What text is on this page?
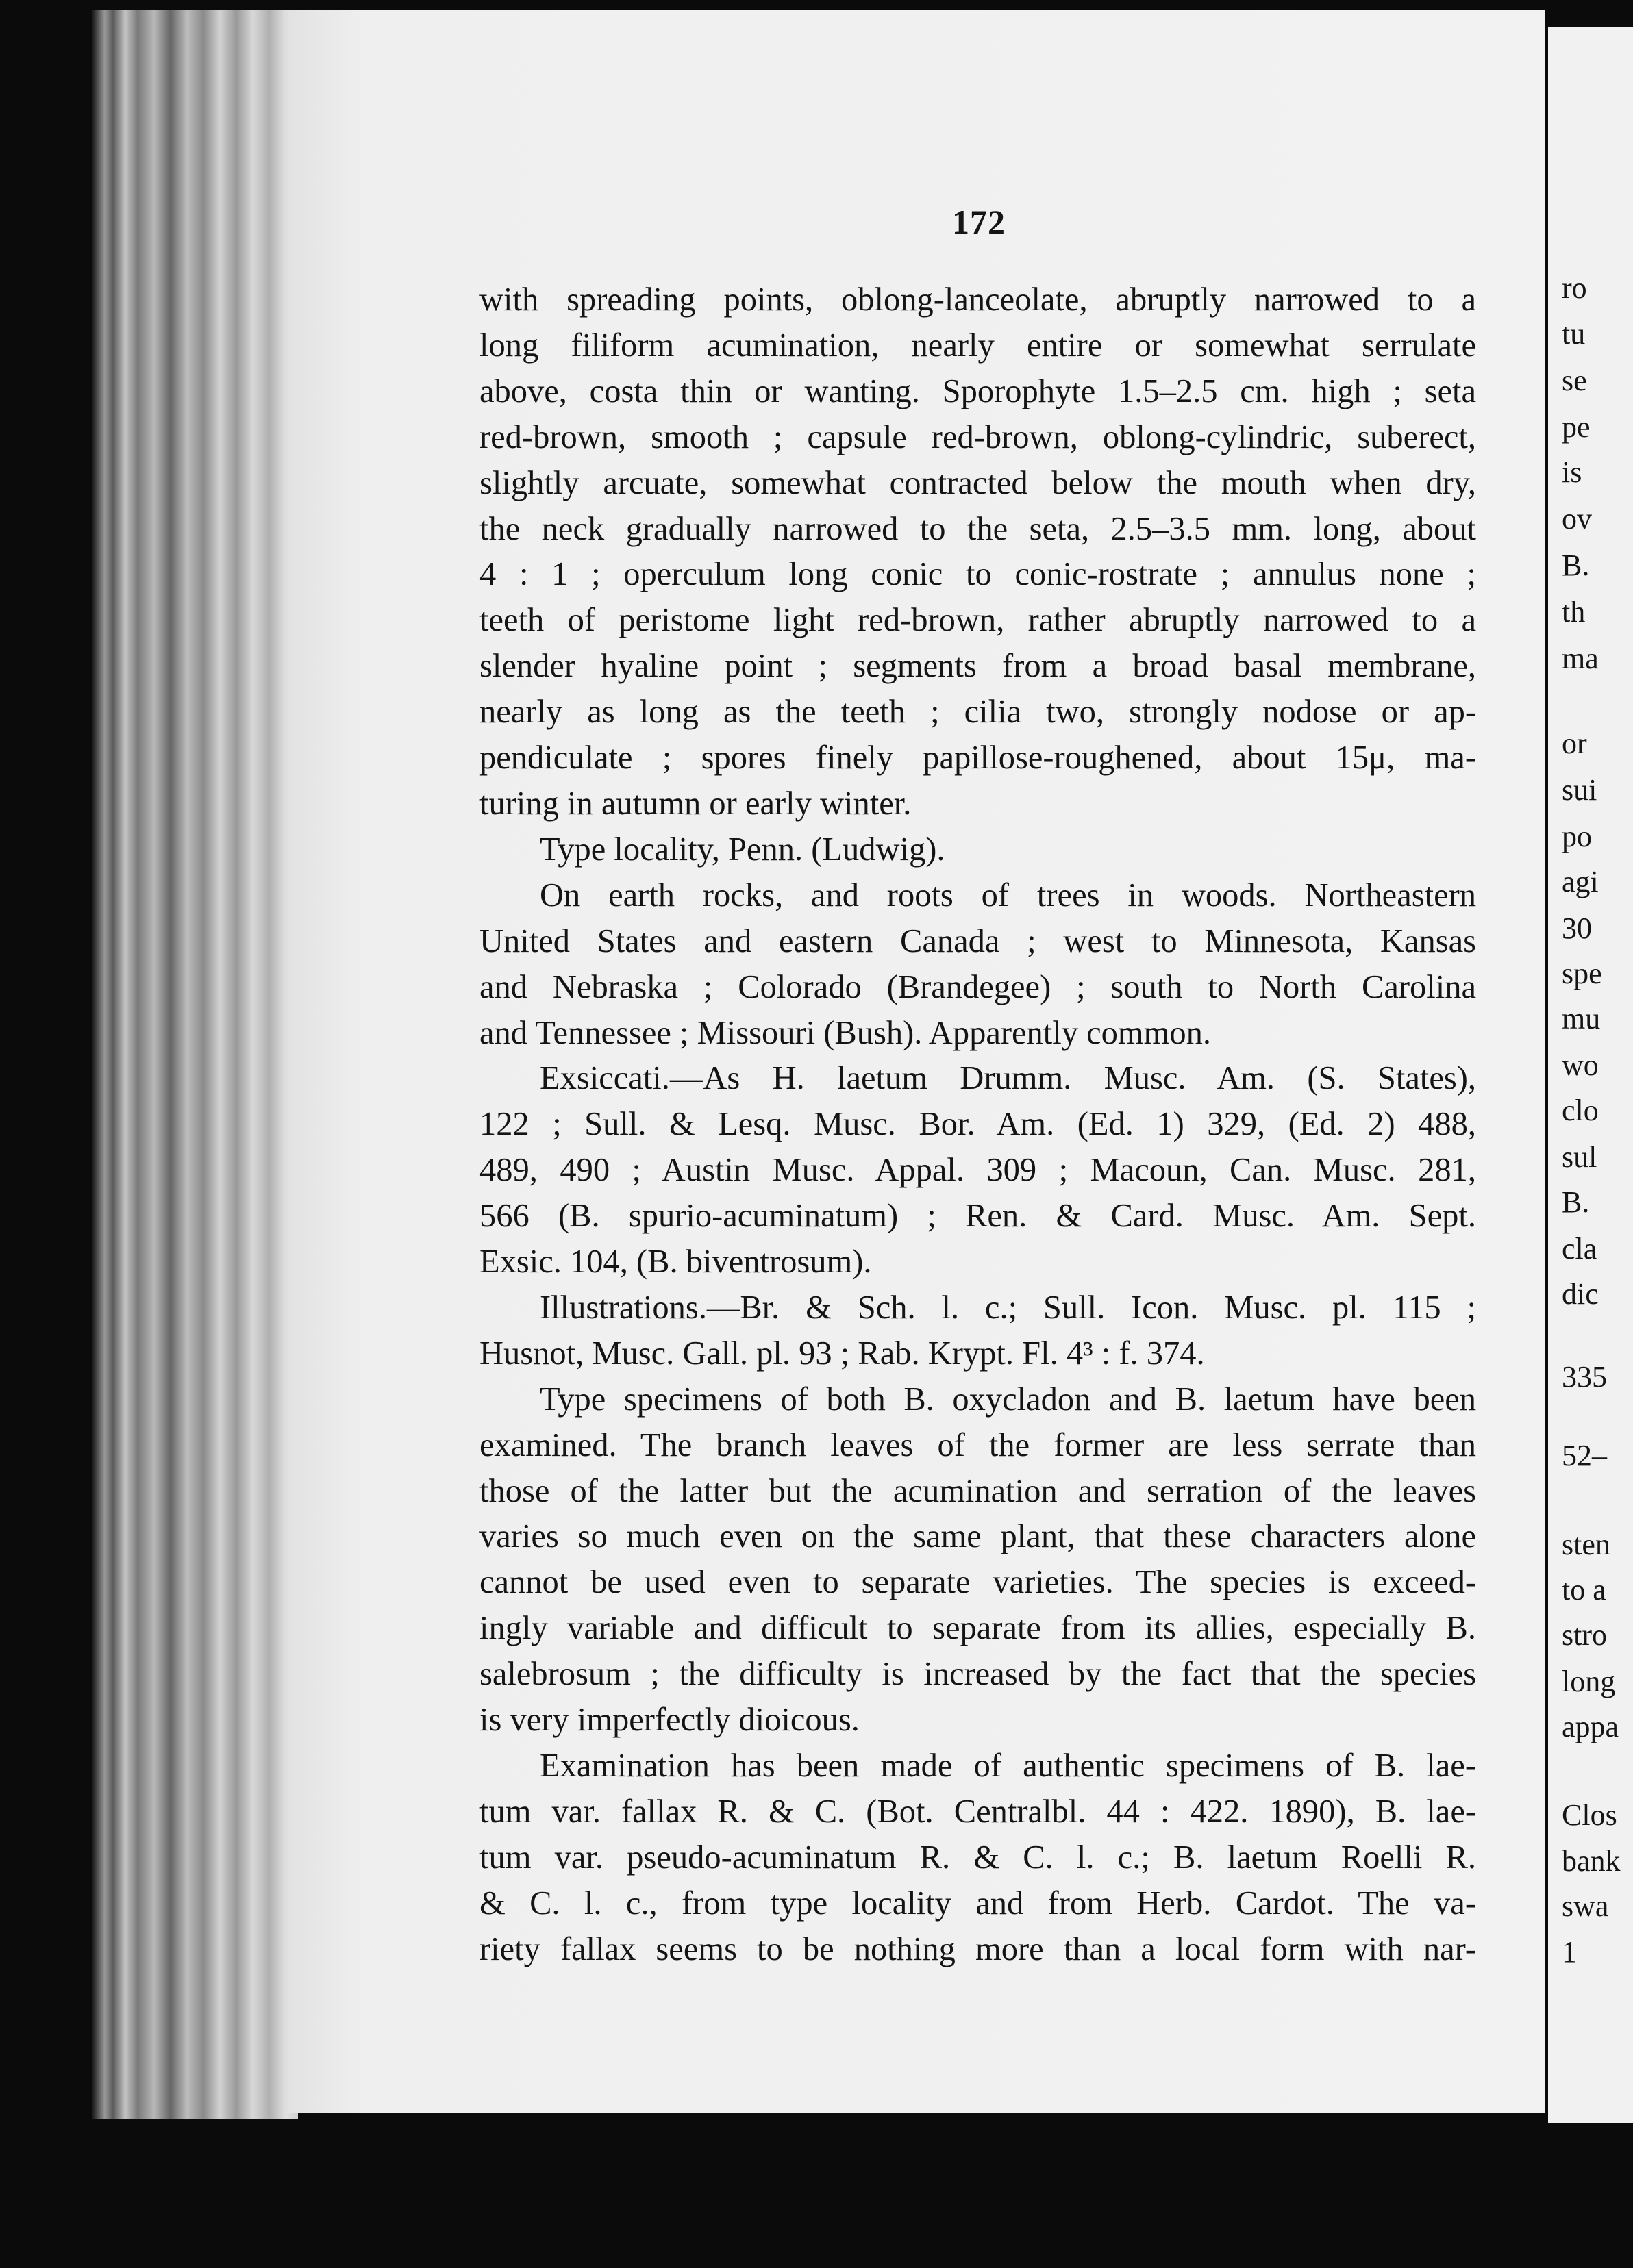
ro
tu
se
pe
is
ov
B.
th
ma
or
sui
po
agi
30
spe
mu
wo
clo
sul
B.
cla
dic
335
52–
sten
to a
stro
long
appa
Clos
bank
swa
1
172
with spreading points, oblong-lanceolate, abruptly narrowed to a
long filiform acumination, nearly entire or somewhat serrulate
above, costa thin or wanting. Sporophyte 1.5–2.5 cm. high ; seta
red-brown, smooth ; capsule red-brown, oblong-cylindric, suberect,
slightly arcuate, somewhat contracted below the mouth when dry,
the neck gradually narrowed to the seta, 2.5–3.5 mm. long, about
4 : 1 ; operculum long conic to conic-rostrate ; annulus none ;
teeth of peristome light red-brown, rather abruptly narrowed to a
slender hyaline point ; segments from a broad basal membrane,
nearly as long as the teeth ; cilia two, strongly nodose or ap-
pendiculate ; spores finely papillose-roughened, about 15μ, ma-
turing in autumn or early winter.
Type locality, Penn. (Ludwig).
On earth rocks, and roots of trees in woods. Northeastern
United States and eastern Canada ; west to Minnesota, Kansas
and Nebraska ; Colorado (Brandegee) ; south to North Carolina
and Tennessee ; Missouri (Bush). Apparently common.
Exsiccati.—As H. laetum Drumm. Musc. Am. (S. States),
122 ; Sull. & Lesq. Musc. Bor. Am. (Ed. 1) 329, (Ed. 2) 488,
489, 490 ; Austin Musc. Appal. 309 ; Macoun, Can. Musc. 281,
566 (B. spurio-acuminatum) ; Ren. & Card. Musc. Am. Sept.
Exsic. 104, (B. biventrosum).
Illustrations.—Br. & Sch. l. c.; Sull. Icon. Musc. pl. 115 ;
Husnot, Musc. Gall. pl. 93 ; Rab. Krypt. Fl. 4³ : f. 374.
Type specimens of both B. oxycladon and B. laetum have been
examined. The branch leaves of the former are less serrate than
those of the latter but the acumination and serration of the leaves
varies so much even on the same plant, that these characters alone
cannot be used even to separate varieties. The species is exceed-
ingly variable and difficult to separate from its allies, especially B.
salebrosum ; the difficulty is increased by the fact that the species
is very imperfectly dioicous.
Examination has been made of authentic specimens of B. lae-
tum var. fallax R. & C. (Bot. Centralbl. 44 : 422. 1890), B. lae-
tum var. pseudo-acuminatum R. & C. l. c.; B. laetum Roelli R.
& C. l. c., from type locality and from Herb. Cardot. The va-
riety fallax seems to be nothing more than a local form with nar-
